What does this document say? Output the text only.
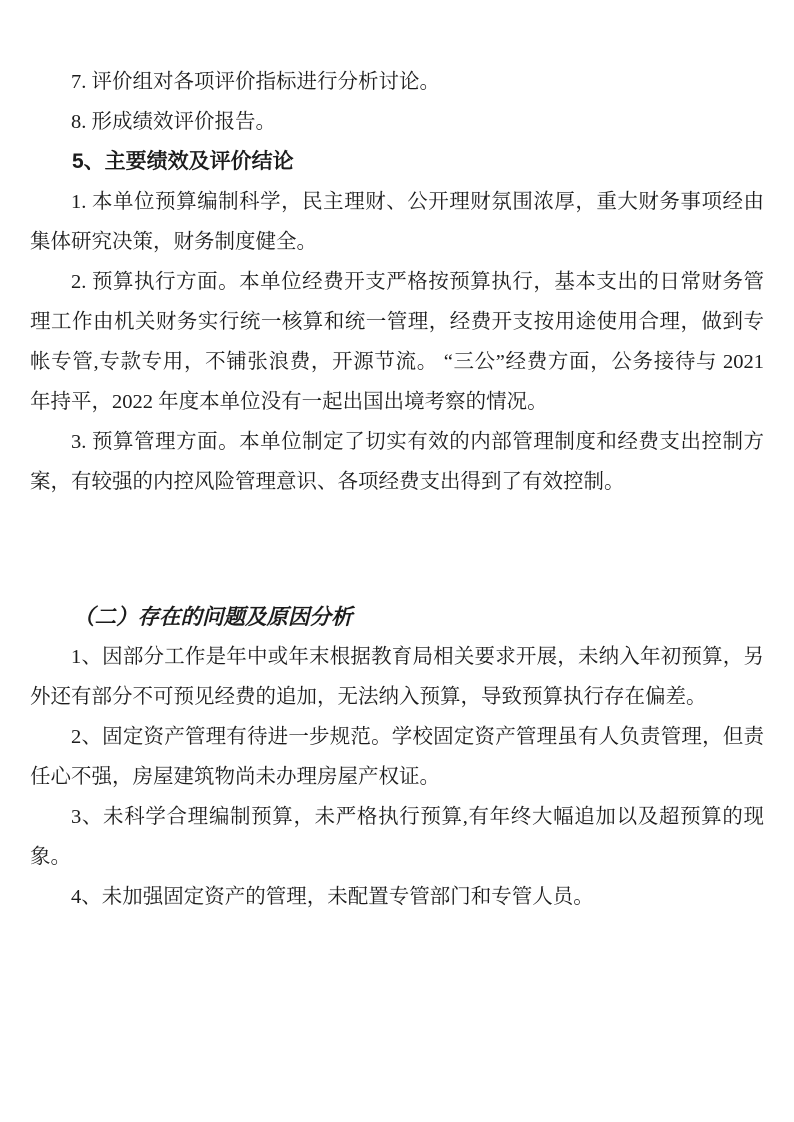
7. 评价组对各项评价指标进行分析讨论。

8. 形成绩效评价报告。

5、主要绩效及评价结论

1. 本单位预算编制科学，民主理财、公开理财氛围浓厚，重大财务事项经由集体研究决策，财务制度健全。

2. 预算执行方面。本单位经费开支严格按预算执行，基本支出的日常财务管理工作由机关财务实行统一核算和统一管理，经费开支按用途使用合理，做到专帐专管,专款专用，不铺张浪费，开源节流。 “三公”经费方面，公务接待与 2021 年持平，2022 年度本单位没有一起出国出境考察的情况。

3. 预算管理方面。本单位制定了切实有效的内部管理制度和经费支出控制方案，有较强的内控风险管理意识、各项经费支出得到了有效控制。

（二）存在的问题及原因分析

1、因部分工作是年中或年末根据教育局相关要求开展，未纳入年初预算，另外还有部分不可预见经费的追加，无法纳入预算，导致预算执行存在偏差。

2、固定资产管理有待进一步规范。学校固定资产管理虽有人负责管理，但责任心不强，房屋建筑物尚未办理房屋产权证。

3、未科学合理编制预算，未严格执行预算,有年终大幅追加以及超预算的现象。

4、未加强固定资产的管理，未配置专管部门和专管人员。
